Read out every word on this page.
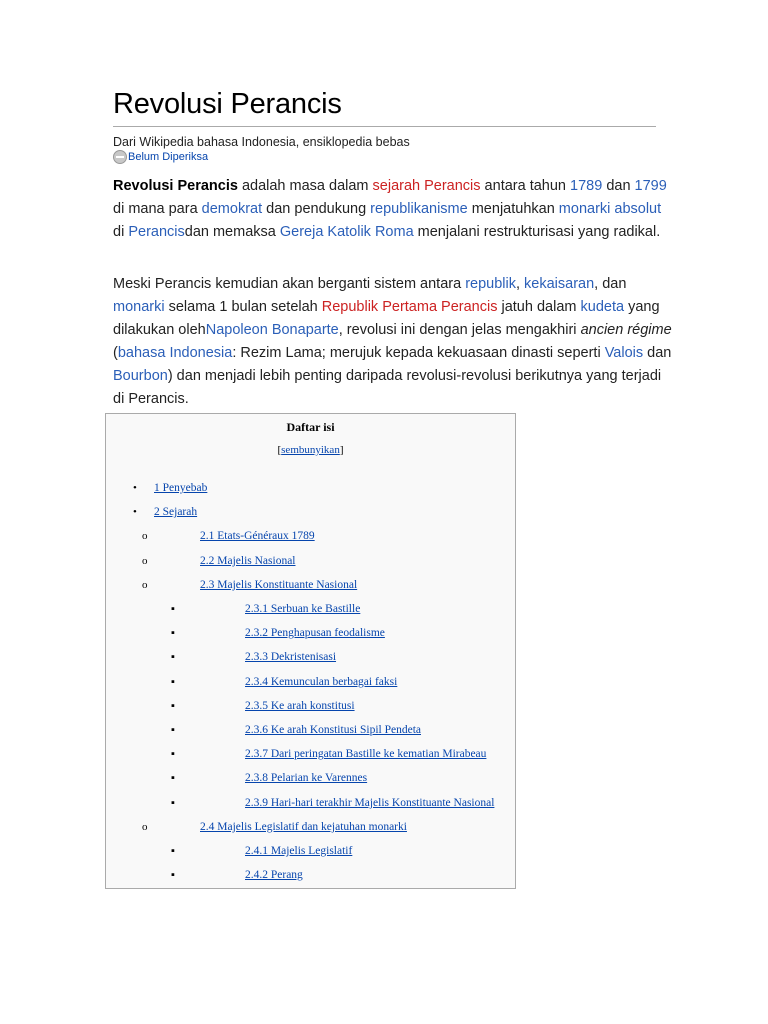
Revolusi Perancis
Dari Wikipedia bahasa Indonesia, ensiklopedia bebas
Belum Diperiksa

Revolusi Perancis adalah masa dalam sejarah Perancis antara tahun 1789 dan 1799 di mana para demokrat dan pendukung republikanisme menjatuhkan monarki absolut di Perancisdan memaksa Gereja Katolik Roma menjalani restrukturisasi yang radikal.

Meski Perancis kemudian akan berganti sistem antara republik, kekaisaran, dan monarki selama 1 bulan setelah Republik Pertama Perancis jatuh dalam kudeta yang dilakukan olehNapoleon Bonaparte, revolusi ini dengan jelas mengakhiri ancien régime (bahasa Indonesia: Rezim Lama; merujuk kepada kekuasaan dinasti seperti Valois dan Bourbon) dan menjadi lebih penting daripada revolusi-revolusi berikutnya yang terjadi di Perancis.

Daftar isi
[sembunyikan]
• 1 Penyebab
• 2 Sejarah
o	2.1 Etats-Généraux 1789
o	2.2 Majelis Nasional
o	2.3 Majelis Konstituante Nasional
▪	2.3.1 Serbuan ke Bastille
▪	2.3.2 Penghapusan feodalisme
▪	2.3.3 Dekristenisasi
▪	2.3.4 Kemunculan berbagai faksi
▪	2.3.5 Ke arah konstitusi
▪	2.3.6 Ke arah Konstitusi Sipil Pendeta
▪	2.3.7 Dari peringatan Bastille ke kematian Mirabeau
▪	2.3.8 Pelarian ke Varennes
▪	2.3.9 Hari-hari terakhir Majelis Konstituante Nasional
o	2.4 Majelis Legislatif dan kejatuhan monarki
▪	2.4.1 Majelis Legislatif
▪	2.4.2 Perang
